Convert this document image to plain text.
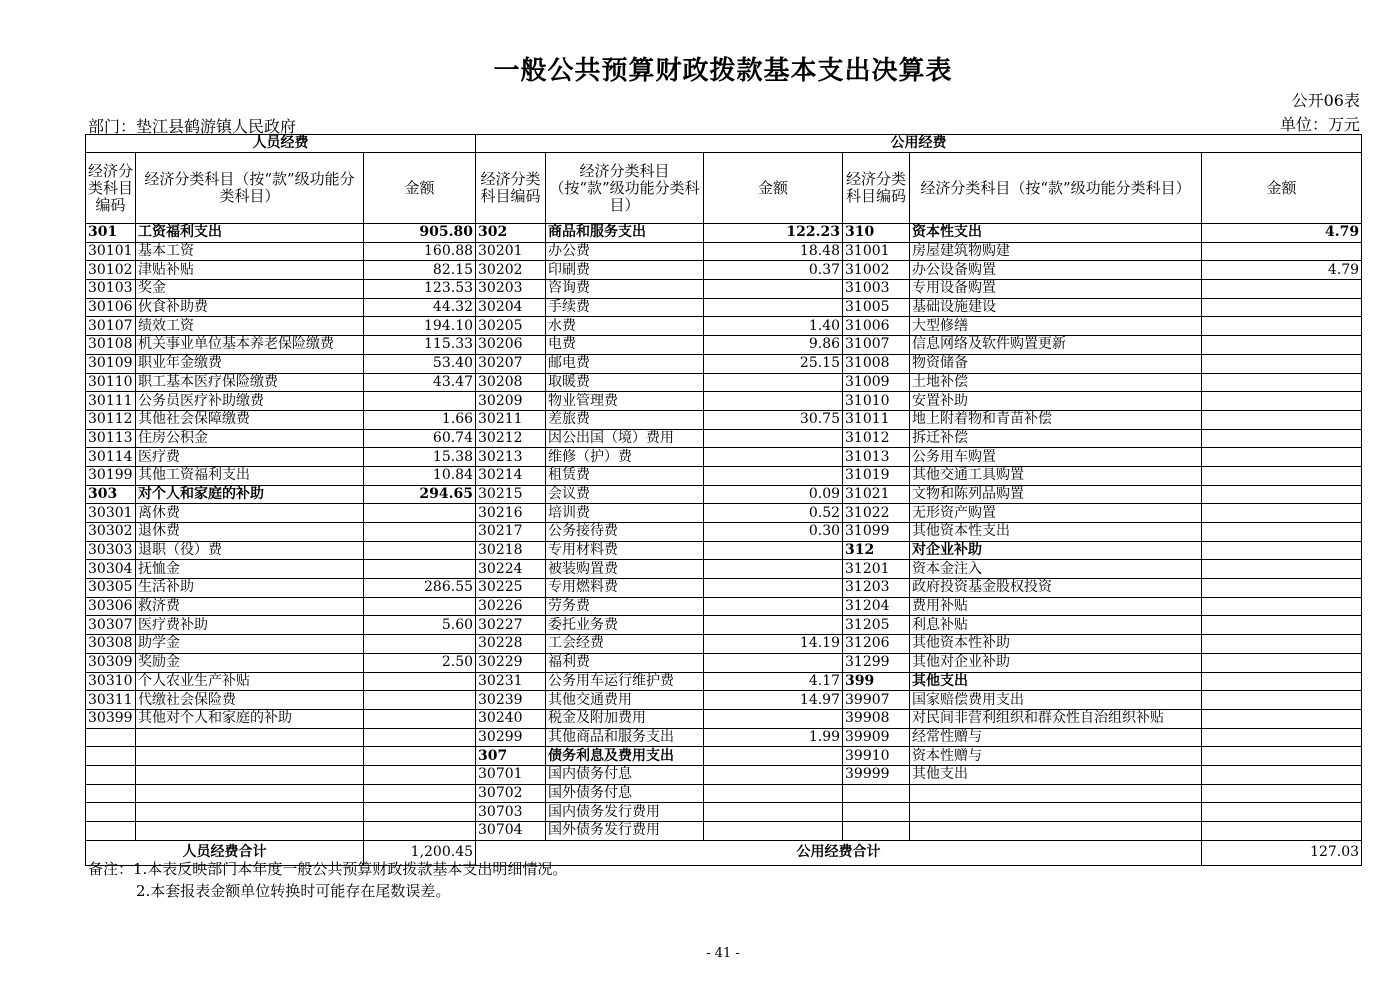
一般公共预算财政拨款基本支出决算表
公开06表
部门：垫江县鹤游镇人民政府	单位：万元
人员经费			公用经费					
经济分类科目编码	经济分类科目（按“款”级功能分类科目）	金额	经济分类科目编码	经济分类科目（按“款”级功能分类科目）	金额	经济分类科目编码	经济分类科目（按“款”级功能分类科目）	金额
301	工资福利支出	905.80	302	商品和服务支出	122.23	310	资本性支出	4.79
30101	基本工资	160.88	30201	办公费	18.48	31001	房屋建筑物购建	
30102	津贴补贴	82.15	30202	印刷费	0.37	31002	办公设备购置	4.79
30103	奖金	123.53	30203	咨询费		31003	专用设备购置	
30106	伙食补助费	44.32	30204	手续费		31005	基础设施建设	
30107	绩效工资	194.10	30205	水费	1.40	31006	大型修缮	
30108	机关事业单位基本养老保险缴费	115.33	30206	电费	9.86	31007	信息网络及软件购置更新	
30109	职业年金缴费	53.40	30207	邮电费	25.15	31008	物资储备	
30110	职工基本医疗保险缴费	43.47	30208	取暖费		31009	土地补偿	
30111	公务员医疗补助缴费		30209	物业管理费		31010	安置补助	
30112	其他社会保障缴费	1.66	30211	差旅费	30.75	31011	地上附着物和青苗补偿	
30113	住房公积金	60.74	30212	因公出国（境）费用		31012	拆迁补偿	
30114	医疗费	15.38	30213	维修（护）费		31013	公务用车购置	
30199	其他工资福利支出	10.84	30214	租赁费		31019	其他交通工具购置	
303	对个人和家庭的补助	294.65	30215	会议费	0.09	31021	文物和陈列品购置	
30301	离休费		30216	培训费	0.52	31022	无形资产购置	
30302	退休费		30217	公务接待费	0.30	31099	其他资本性支出	
30303	退职（役）费		30218	专用材料费		312	对企业补助	
30304	抚恤金		30224	被装购置费		31201	资本金注入	
30305	生活补助	286.55	30225	专用燃料费		31203	政府投资基金股权投资	
30306	救济费		30226	劳务费		31204	费用补贴	
30307	医疗费补助	5.60	30227	委托业务费		31205	利息补贴	
30308	助学金		30228	工会经费	14.19	31206	其他资本性补助	
30309	奖励金	2.50	30229	福利费		31299	其他对企业补助	
30310	个人农业生产补贴		30231	公务用车运行维护费	4.17	399	其他支出	
30311	代缴社会保险费		30239	其他交通费用	14.97	39907	国家赔偿费用支出	
30399	其他对个人和家庭的补助		30240	税金及附加费用		39908	对民间非营利组织和群众性自治组织补贴	
			30299	其他商品和服务支出	1.99	39909	经常性赠与	
			307	债务利息及费用支出		39910	资本性赠与	
			30701	国内债务付息		39999	其他支出	
			30702	国外债务付息				
			30703	国内债务发行费用				
			30704	国外债务发行费用				
人员经费合计		1,200.45	公用经费合计					127.03
备注：1.本表反映部门本年度一般公共预算财政拨款基本支出明细情况。
2.本套报表金额单位转换时可能存在尾数误差。
- 41 -
